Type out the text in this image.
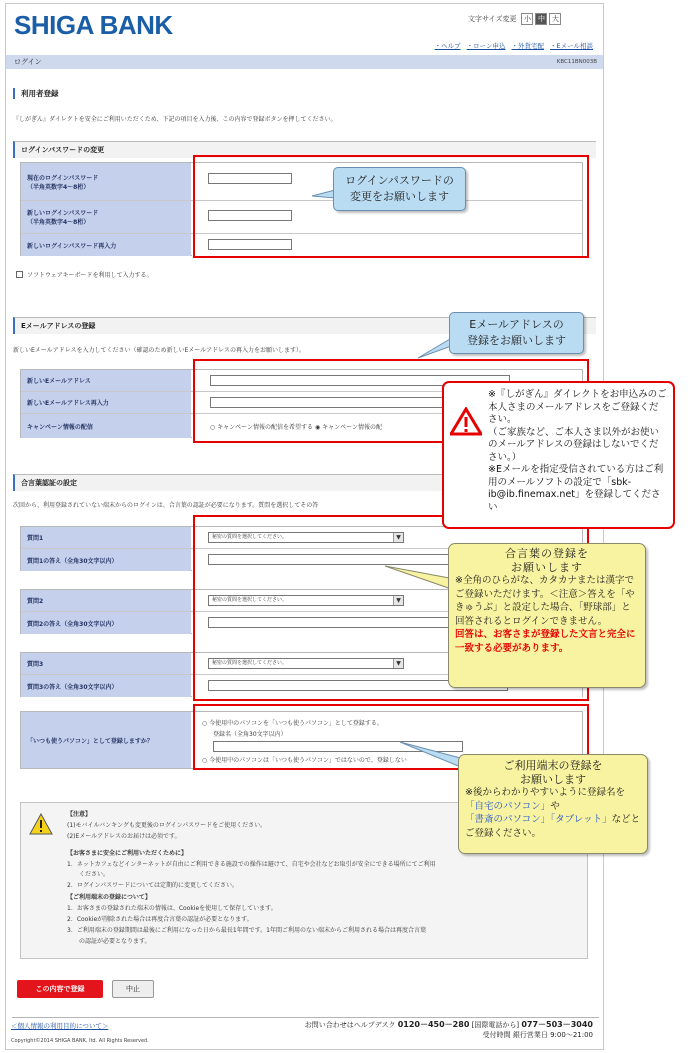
SHIGA BANK	文字サイズ変更	小	中	大
・ヘルプ ・ローン申込 ・外貨宅配 ・Eメール相談
ログイン	KBC11BN003B
利用者登録
『しがぎん』ダイレクトを安全にご利用いただくため、下記の項目を入力後、この内容で登録ボタンを押してください。
ログインパスワードの変更
現在のログインパスワード
（半角英数字4～8桁）
新しいログインパスワード
（半角英数字4～8桁）
新しいログインパスワード再入力
ソフトウェアキーボードを利用して入力する。
Eメールアドレスの登録
新しいEメールアドレスを入力してください（確認のため新しいEメールアドレスの再入力をお願いします）。
新しいEメールアドレス
新しいEメールアドレス再入力
キャンペーン情報の配信	○ キャンペーン情報の配信を希望する ◉ キャンペーン情報の配
合言葉認証の設定
次回から、利用登録されていない端末からのログインは、合言葉の認証が必要になります。質問を選択してその答
質問1	秘密の質問を選択してください。	▼
質問1の答え（全角30文字以内）
質問2	秘密の質問を選択してください。	▼
質問2の答え（全角30文字以内）
質問3	秘密の質問を選択してください。	▼
質問3の答え（全角30文字以内）
「いつも使うパソコン」として登録しますか？
○ 今使用中のパソコンを「いつも使うパソコン」として登録する。
登録名（全角30文字以内）
○ 今使用中のパソコンは「いつも使うパソコン」ではないので、登録しない
【注意】
(1)モバイルバンキングも変更後のログインパスワードをご使用ください。
(2)Eメールアドレスのお届けは必須です。
【お客さまに安全にご利用いただくために】
1．ネットカフェなどインターネットが自由にご利用できる施設での操作は避けて、自宅や会社などお取引が安全にできる場所にてご利用
　　ください。
2．ログインパスワードについては定期的に変更してください。
【ご利用端末の登録について】
1．お客さまの登録された端末の情報は、Cookieを使用して保存しています。
2．Cookieが削除された場合は再度合言葉の認証が必要となります。
3．ご利用端末の登録期間は最後にご利用になった日から最長1年間です。1年間ご利用のない端末からご利用される場合は再度合言葉
　　の認証が必要となります。
この内容で登録	中止
＜個人情報の利用目的について＞
Copyright©2014 SHIGA BANK, ltd. All Rights Reserved.
お問い合わせはヘルプデスク 0120－450－280 [国際電話から] 077－503－3040
受付時間 銀行営業日 9:00～21:00
ログインパスワードの
変更をお願いします
Eメールアドレスの
登録をお願いします
※『しがぎん』ダイレクトをお申込みのご本人さまのメールアドレスをご登録ください。
（ご家族など、ご本人さま以外がお使いのメールアドレスの登録はしないでください。）
※Eメールを指定受信されている方はご利用のメールソフトの設定で「sbk-ib@ib.finemax.net」を登録してください
合言葉の登録を
お願いします
※全角のひらがな、カタカナまたは漢字でご登録いただけます。＜注意＞答えを「やきゅうぶ」と設定した場合、「野球部」と回答されるとログインできません。
回答は、お客さまが登録した文言と完全に一致する必要があります。
ご利用端末の登録を
お願いします
※後からわかりやすいように登録名を「自宅のパソコン」や「書斎のパソコン」「タブレット」などとご登録ください。
